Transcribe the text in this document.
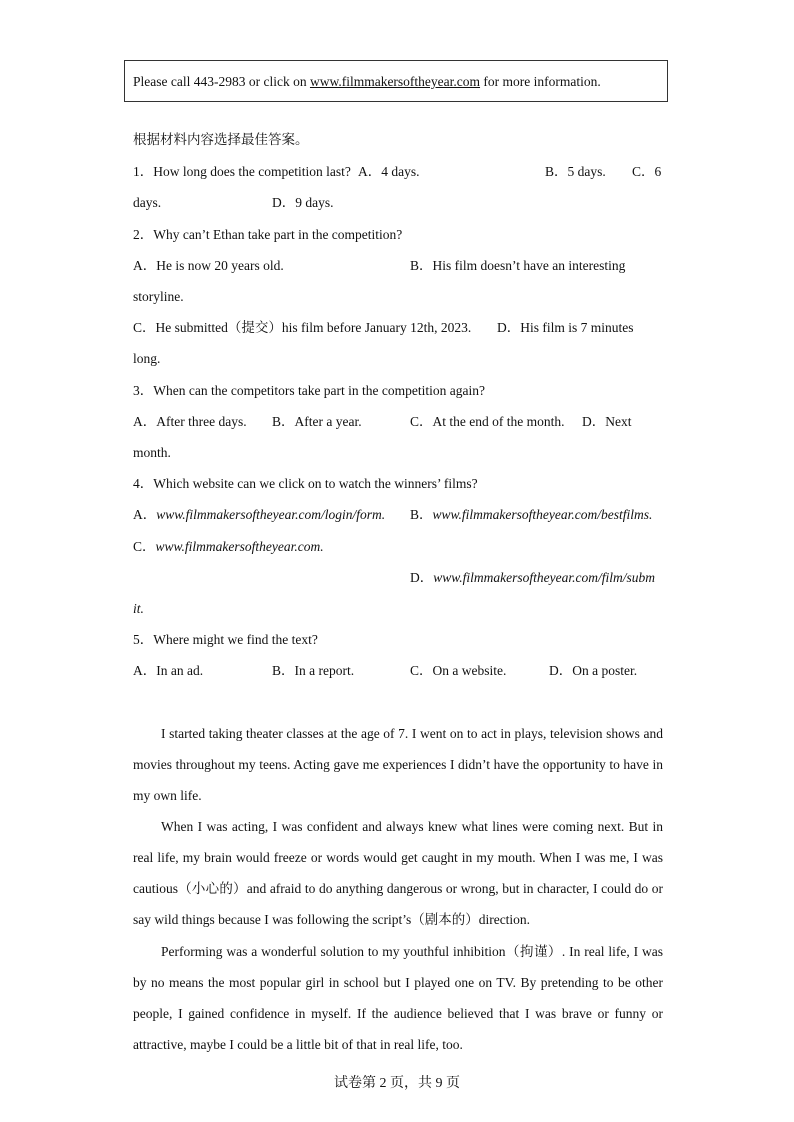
Please call 443-2983 or click on www.filmmakersoftheyear.com for more information.
根据材料内容选择最佳答案。
1．How long does the competition last? A．4 days.	B．5 days. C．6
days.	D．9 days.
2．Why can’t Ethan take part in the competition?
A．He is now 20 years old.	B．His film doesn’t have an interesting
storyline.
C．He submitted（提交）his film before January 12th, 2023. D．His film is 7 minutes
long.
3．When can the competitors take part in the competition again?
A．After three days. B．After a year.	C．At the end of the month. D．Next
month.
4．Which website can we click on to watch the winners’ films?
A．www.filmmakersoftheyear.com/login/form. B．www.filmmakersoftheyear.com/bestfilms.
C．www.filmmakersoftheyear.com.
D．www.filmmakersoftheyear.com/film/subm
it.
5．Where might we find the text?
A．In an ad.	B．In a report.	C．On a website.	D．On a poster.
I started taking theater classes at the age of 7. I went on to act in plays, television shows and movies throughout my teens. Acting gave me experiences I didn’t have the opportunity to have in my own life.
When I was acting, I was confident and always knew what lines were coming next. But in real life, my brain would freeze or words would get caught in my mouth. When I was me, I was cautious（小心的）and afraid to do anything dangerous or wrong, but in character, I could do or say wild things because I was following the script’s（剧本的）direction.
Performing was a wonderful solution to my youthful inhibition（拘谨）. In real life, I was by no means the most popular girl in school but I played one on TV. By pretending to be other people, I gained confidence in myself. If the audience believed that I was brave or funny or attractive, maybe I could be a little bit of that in real life, too.
试卷第 2 页，共 9 页
